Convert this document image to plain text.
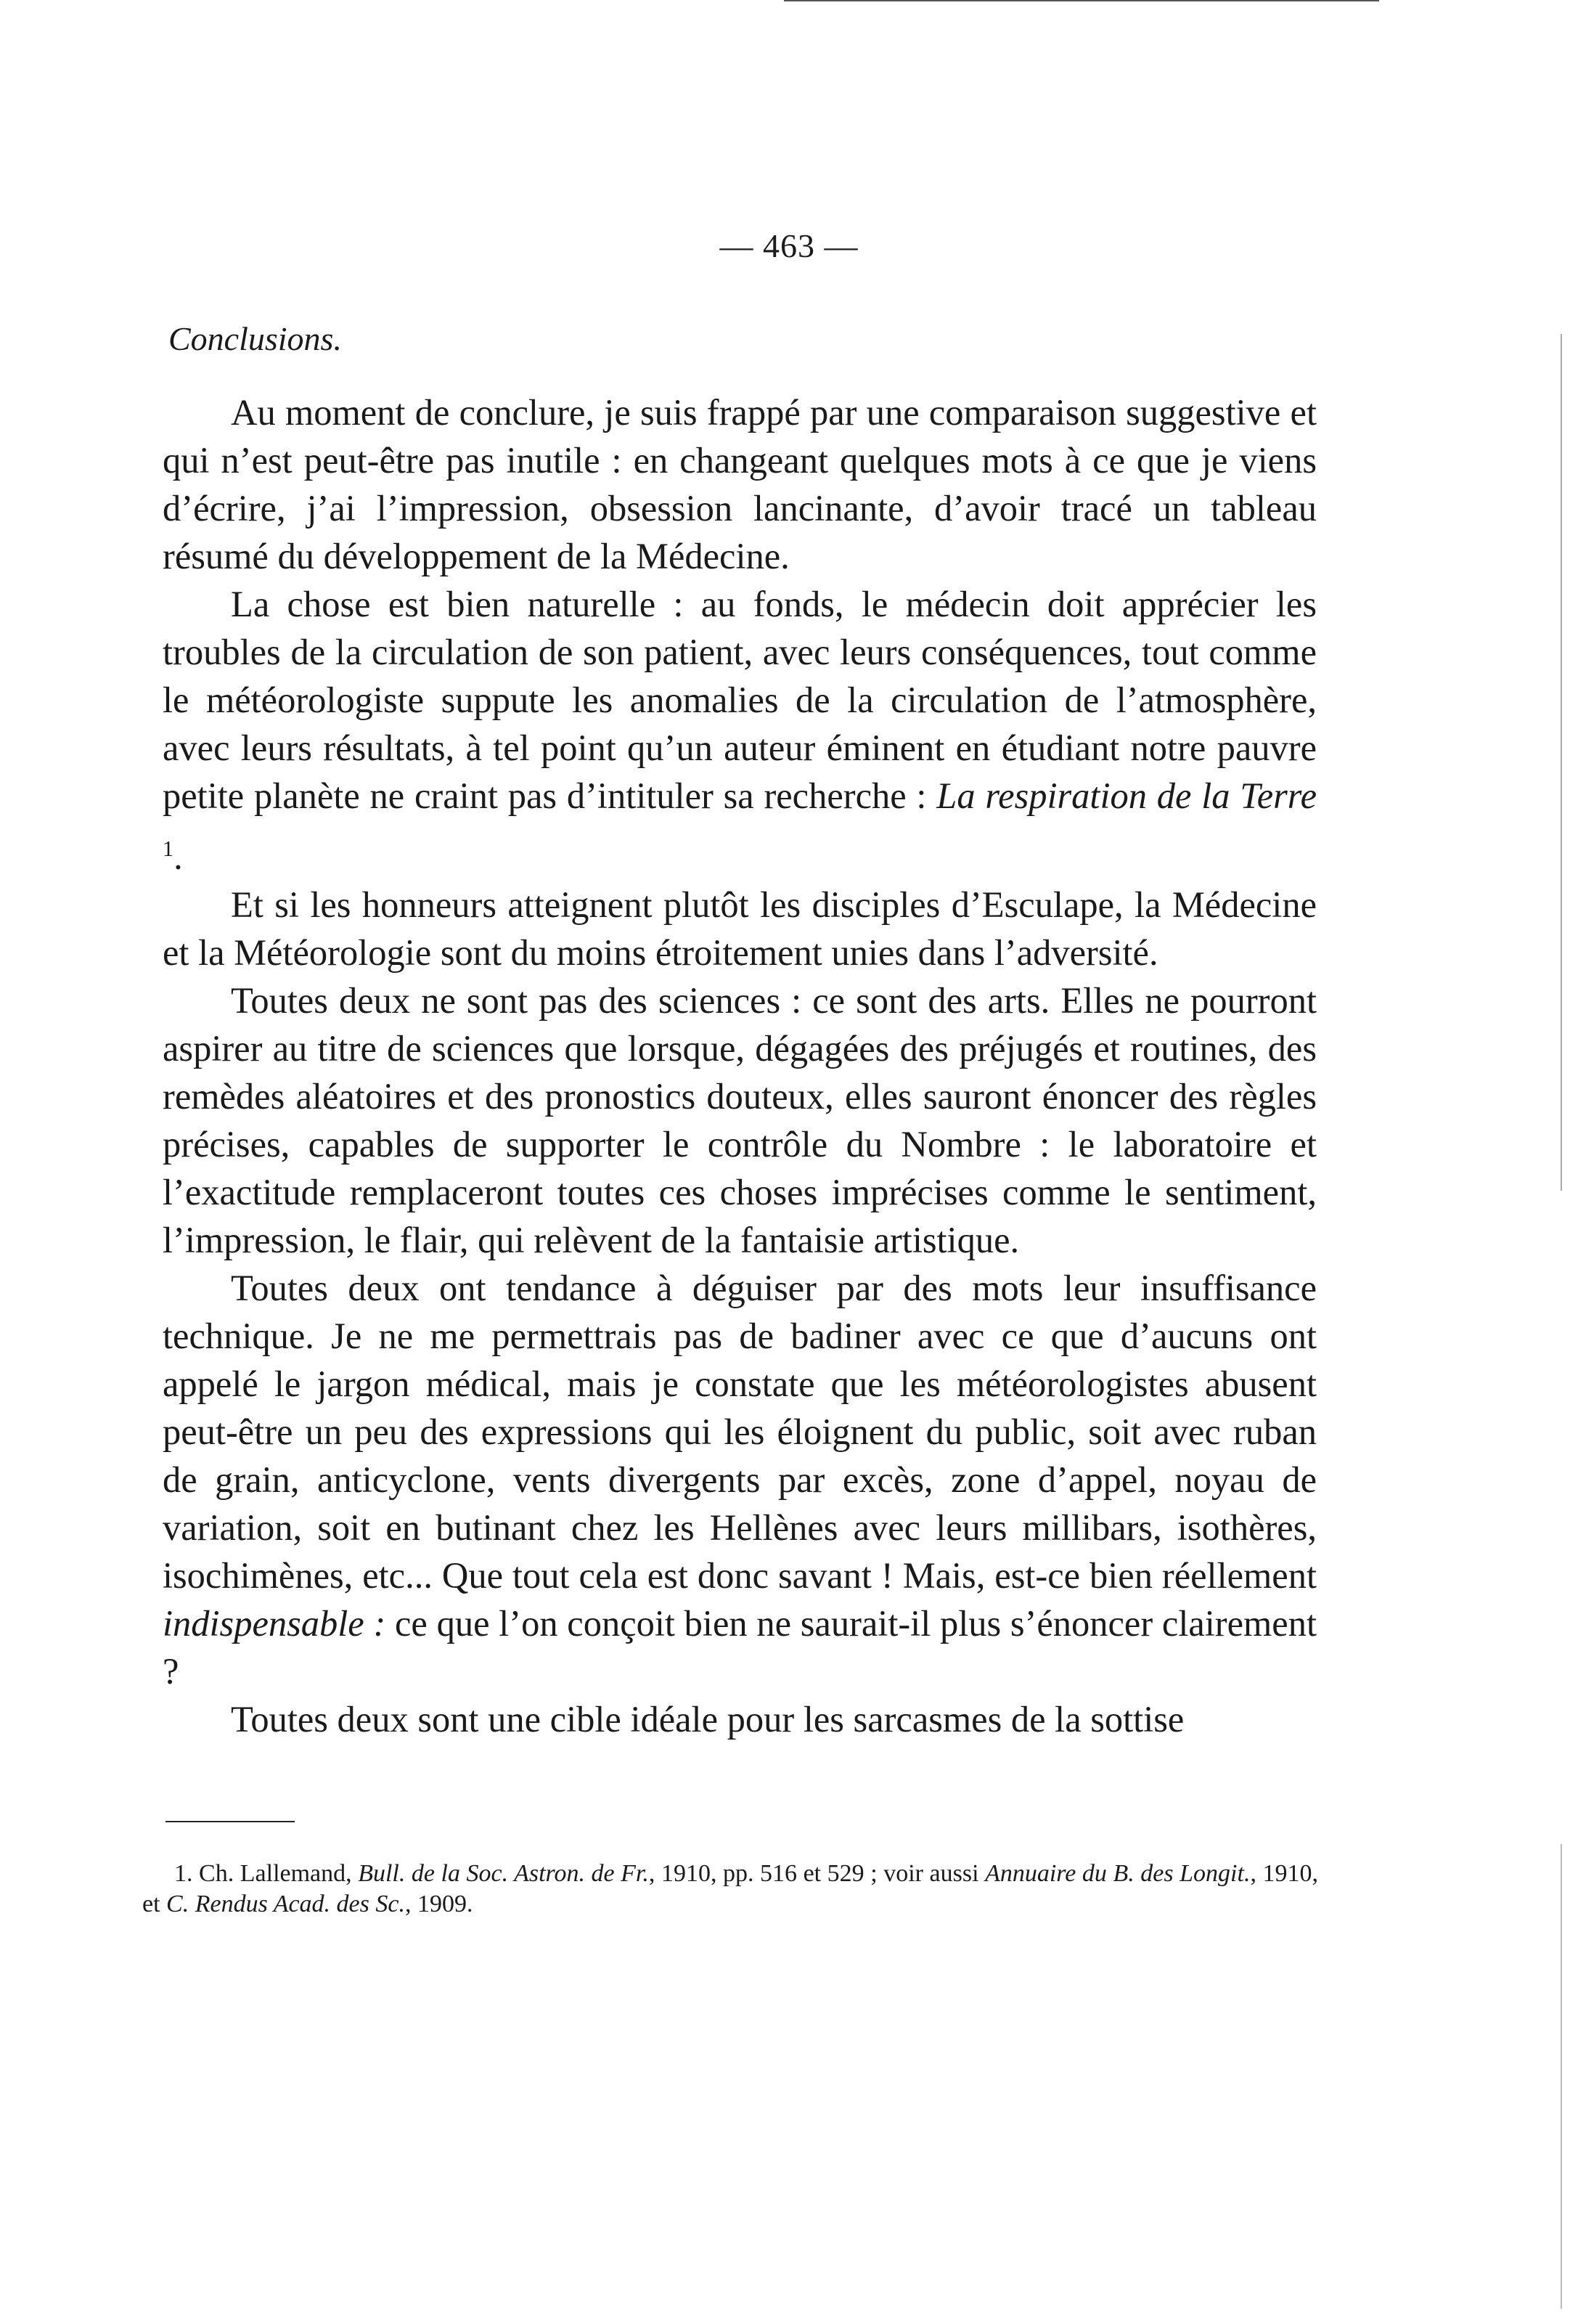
— 463 —
Conclusions.

Au moment de conclure, je suis frappé par une comparaison suggestive et qui n’est peut-être pas inutile : en changeant quelques mots à ce que je viens d’écrire, j’ai l’impression, obsession lancinante, d’avoir tracé un tableau résumé du développement de la Médecine.

La chose est bien naturelle : au fonds, le médecin doit apprécier les troubles de la circulation de son patient, avec leurs conséquences, tout comme le météorologiste suppute les anomalies de la circulation de l’atmosphère, avec leurs résultats, à tel point qu’un auteur éminent en étudiant notre pauvre petite planète ne craint pas d’intituler sa recherche : La respiration de la Terre $^1$.

Et si les honneurs atteignent plutôt les disciples d’Esculape, la Médecine et la Météorologie sont du moins étroitement unies dans l’adversité.

Toutes deux ne sont pas des sciences : ce sont des arts. Elles ne pourront aspirer au titre de sciences que lorsque, dégagées des préjugés et routines, des remèdes aléatoires et des pronostics douteux, elles sauront énoncer des règles précises, capables de supporter le contrôle du Nombre : le laboratoire et l’exactitude remplaceront toutes ces choses imprécises comme le sentiment, l’impression, le flair, qui relèvent de la fantaisie artistique.

Toutes deux ont tendance à déguiser par des mots leur insuffisance technique. Je ne me permettrais pas de badiner avec ce que d’aucuns ont appelé le jargon médical, mais je constate que les météorologistes abusent peut-être un peu des expressions qui les éloignent du public, soit avec ruban de grain, anticyclone, vents divergents par excès, zone d’appel, noyau de variation, soit en butinant chez les Hellènes avec leurs millibars, isothères, isochimènes, etc... Que tout cela est donc savant ! Mais, est-ce bien réellement indispensable : ce que l’on conçoit bien ne saurait-il plus s’énoncer clairement ?

Toutes deux sont une cible idéale pour les sarcasmes de la sottise

1. Ch. Lallemand, Bull. de la Soc. Astron. de Fr., 1910, pp. 516 et 529 ; voir aussi Annuaire du B. des Longit., 1910, et C. Rendus Acad. des Sc., 1909.
